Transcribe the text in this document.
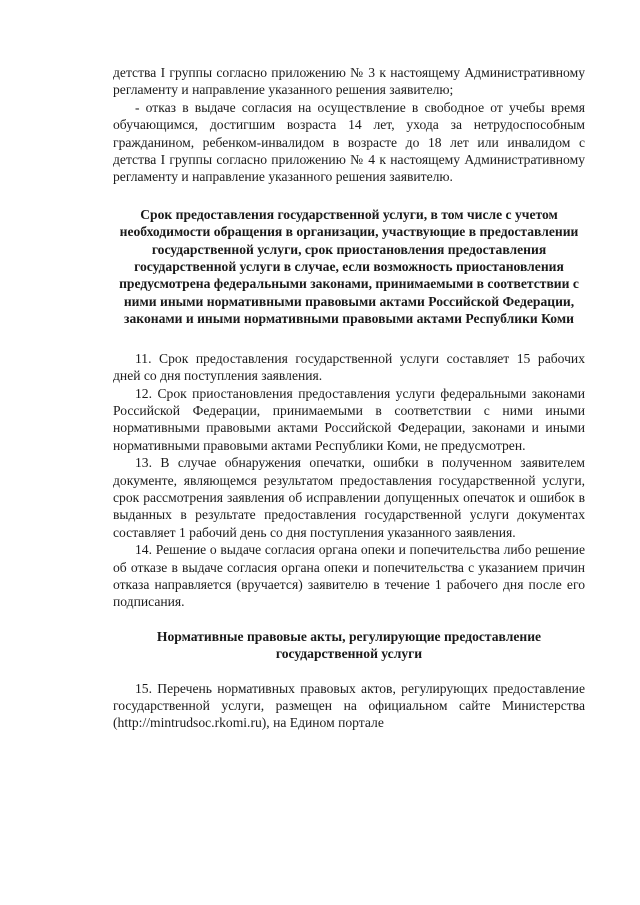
детства I группы согласно приложению № 3 к настоящему Административному регламенту и направление указанного решения заявителю;

- отказ в выдаче согласия на осуществление в свободное от учебы время обучающимся, достигшим возраста 14 лет, ухода за нетрудоспособным гражданином, ребенком-инвалидом в возрасте до 18 лет или инвалидом с детства I группы согласно приложению № 4 к настоящему Административному регламенту и направление указанного решения заявителю.

Срок предоставления государственной услуги, в том числе с учетом необходимости обращения в организации, участвующие в предоставлении государственной услуги, срок приостановления предоставления государственной услуги в случае, если возможность приостановления предусмотрена федеральными законами, принимаемыми в соответствии с ними иными нормативными правовыми актами Российской Федерации, законами и иными нормативными правовыми актами Республики Коми

11. Срок предоставления государственной услуги составляет 15 рабочих дней со дня поступления заявления.

12. Срок приостановления предоставления услуги федеральными законами Российской Федерации, принимаемыми в соответствии с ними иными нормативными правовыми актами Российской Федерации, законами и иными нормативными правовыми актами Республики Коми, не предусмотрен.

13. В случае обнаружения опечатки, ошибки в полученном заявителем документе, являющемся результатом предоставления государственной услуги, срок рассмотрения заявления об исправлении допущенных опечаток и ошибок в выданных в результате предоставления государственной услуги документах составляет 1 рабочий день со дня поступления указанного заявления.

14. Решение о выдаче согласия органа опеки и попечительства либо решение об отказе в выдаче согласия органа опеки и попечительства с указанием причин отказа направляется (вручается) заявителю в течение 1 рабочего дня после его подписания.

Нормативные правовые акты, регулирующие предоставление государственной услуги

15. Перечень нормативных правовых актов, регулирующих предоставление государственной услуги, размещен на официальном сайте Министерства (http://mintrudsoc.rkomi.ru), на Едином портале
